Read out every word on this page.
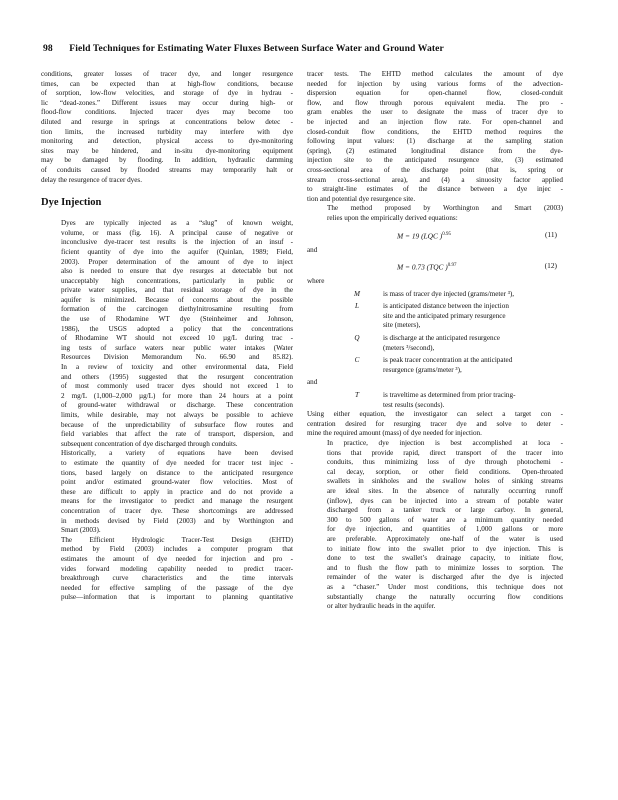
98 Field Techniques for Estimating Water Fluxes Between Surface Water and Ground Water

conditions, greater losses of tracer dye, and longer resurgence
times, can be expected than at high-flow conditions, because
of sorption, low-flow velocities, and storage of dye in hydrau -
lic “dead-zones.” Different issues may occur during high- or
flood-flow conditions. Injected tracer dyes may become too
diluted and resurge in springs at concentrations below detec -
tion limits, the increased turbidity may interfere with dye
monitoring and detection, physical access to dye-monitoring
sites may be hindered, and in-situ dye-monitoring equipment
may be damaged by flooding. In addition, hydraulic damming
of conduits caused by flooded streams may temporarily halt or
delay the resurgence of tracer dyes.

Dye Injection

Dyes are typically injected as a “slug” of known weight,
volume, or mass (fig. 16). A principal cause of negative or
inconclusive dye-tracer test results is the injection of an insuf -
ficient quantity of dye into the aquifer (Quinlan, 1989; Field,
2003). Proper determination of the amount of dye to inject
also is needed to ensure that dye resurges at detectable but not
unacceptably high concentrations, particularly in public or
private water supplies, and that residual storage of dye in the
aquifer is minimized. Because of concerns about the possible
formation of the carcinogen diethylnitrosamine resulting from
the use of Rhodamine WT dye (Steinheimer and Johnson,
1986), the USGS adopted a policy that the concentrations
of Rhodamine WT should not exceed 10 µg/L during trac -
ing tests of surface waters near public water intakes (Water
Resources Division Memorandum No. 66.90 and 85.82).
In a review of toxicity and other environmental data, Field
and others (1995) suggested that the resurgent concentration
of most commonly used tracer dyes should not exceed 1 to
2 mg/L (1,000–2,000 µg/L) for more than 24 hours at a point
of ground-water withdrawal or discharge. These concentration
limits, while desirable, may not always be possible to achieve
because of the unpredictability of subsurface flow routes and
field variables that affect the rate of transport, dispersion, and
subsequent concentration of dye discharged through conduits.

Historically, a variety of equations have been devised
to estimate the quantity of dye needed for tracer test injec -
tions, based largely on distance to the anticipated resurgence
point and/or estimated ground-water flow velocities. Most of
these are difficult to apply in practice and do not provide a
means for the investigator to predict and manage the resurgent
concentration of tracer dye. These shortcomings are addressed
in methods devised by Field (2003) and by Worthington and
Smart (2003).

The Efficient Hydrologic Tracer-Test Design (EHTD)
method by Field (2003) includes a computer program that
estimates the amount of dye needed for injection and pro -
vides forward modeling capability needed to predict tracer-
breakthrough curve characteristics and the time intervals
needed for effective sampling of the passage of the dye
pulse—information that is important to planning quantitative

tracer tests. The EHTD method calculates the amount of dye
needed for injection by using various forms of the advection-
dispersion equation for open-channel flow, closed-conduit
flow, and flow through porous equivalent media. The pro -
gram enables the user to designate the mass of tracer dye to
be injected and an injection flow rate. For open-channel and
closed-conduit flow conditions, the EHTD method requires the
following input values: (1) discharge at the sampling station
(spring), (2) estimated longitudinal distance from the dye-
injection site to the anticipated resurgence site, (3) estimated
cross-sectional area of the discharge point (that is, spring or
stream cross-sectional area), and (4) a sinuosity factor applied
to straight-line estimates of the distance between a dye injec -
tion and potential dye resurgence site.

The method proposed by Worthington and Smart (2003)
relies upon the empirically derived equations:

M = 19 (LQC )$^{0.95}$	(11)
and
M = 0.73 (TQC )$^{0.97}$	(12)
where
M	is mass of tracer dye injected (grams/meter ³),
L	is anticipated distance between the injection
site and the anticipated primary resurgence
site (meters),
Q	is discharge at the anticipated resurgence
(meters ³/second),
C	is peak tracer concentration at the anticipated
resurgence (grams/meter ³),
and
T	is traveltime as determined from prior tracing-
test results (seconds).

Using either equation, the investigator can select a target con -
centration desired for resurging tracer dye and solve to deter -
mine the required amount (mass) of dye needed for injection.

In practice, dye injection is best accomplished at loca -
tions that provide rapid, direct transport of the tracer into
conduits, thus minimizing loss of dye through photochemi -
cal decay, sorption, or other field conditions. Open-throated
swallets in sinkholes and the swallow holes of sinking streams
are ideal sites. In the absence of naturally occurring runoff
(inflow), dyes can be injected into a stream of potable water
discharged from a tanker truck or large carboy. In general,
300 to 500 gallons of water are a minimum quantity needed
for dye injection, and quantities of 1,000 gallons or more
are preferable. Approximately one-half of the water is used
to initiate flow into the swallet prior to dye injection. This is
done to test the swallet’s drainage capacity, to initiate flow,
and to flush the flow path to minimize losses to sorption. The
remainder of the water is discharged after the dye is injected
as a “chaser.” Under most conditions, this technique does not
substantially change the naturally occurring flow conditions
or alter hydraulic heads in the aquifer.
